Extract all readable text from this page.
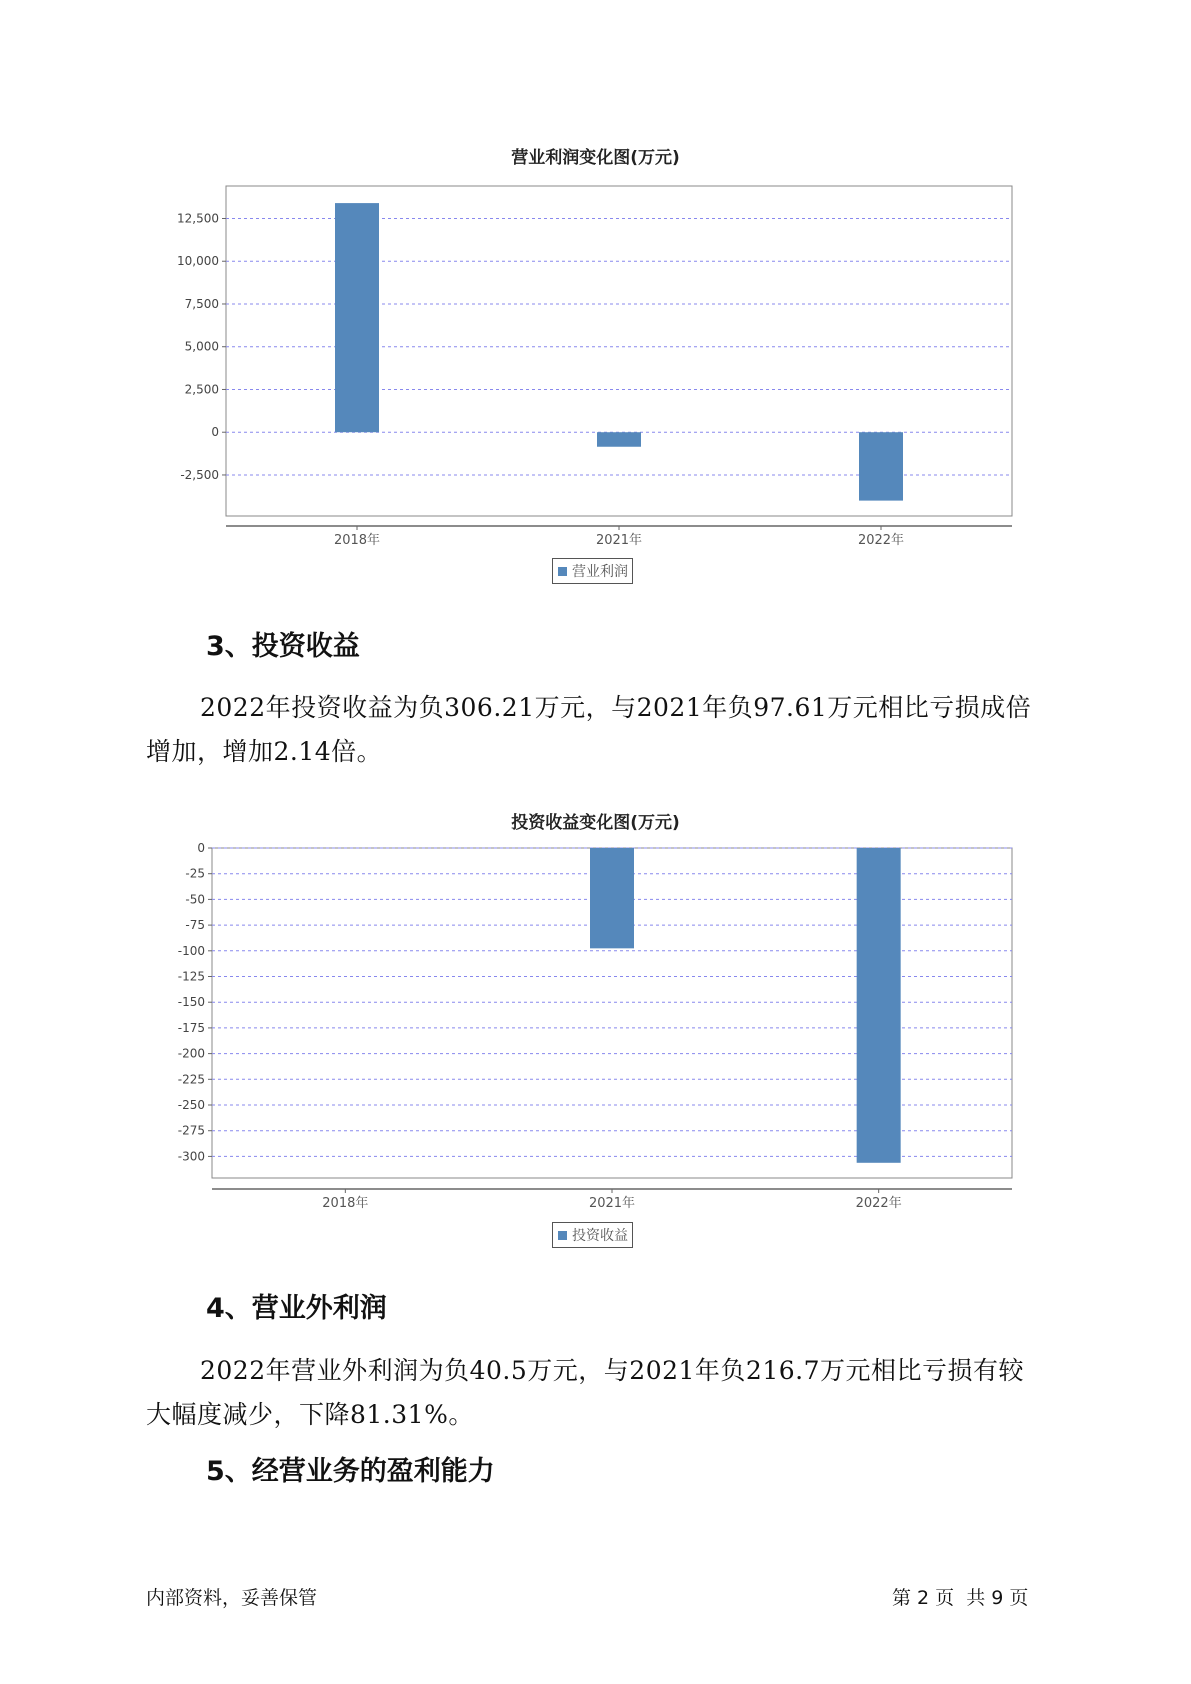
营业利润变化图(万元)
12,500
10,000
7,500
5,000
2,500
0
-2,500
2018年	2021年	2022年
营业利润
3、投资收益
2022年投资收益为负306.21万元，与2021年负97.61万元相比亏损成倍
增加，增加2.14倍。
投资收益变化图(万元)
0
-25
-50
-75
-100
-125
-150
-175
-200
-225
-250
-275
-300
2018年	2021年	2022年
投资收益
4、营业外利润
2022年营业外利润为负40.5万元，与2021年负216.7万元相比亏损有较
大幅度减少，下降81.31%。
5、经营业务的盈利能力
内部资料，妥善保管	第 2 页  共 9 页
